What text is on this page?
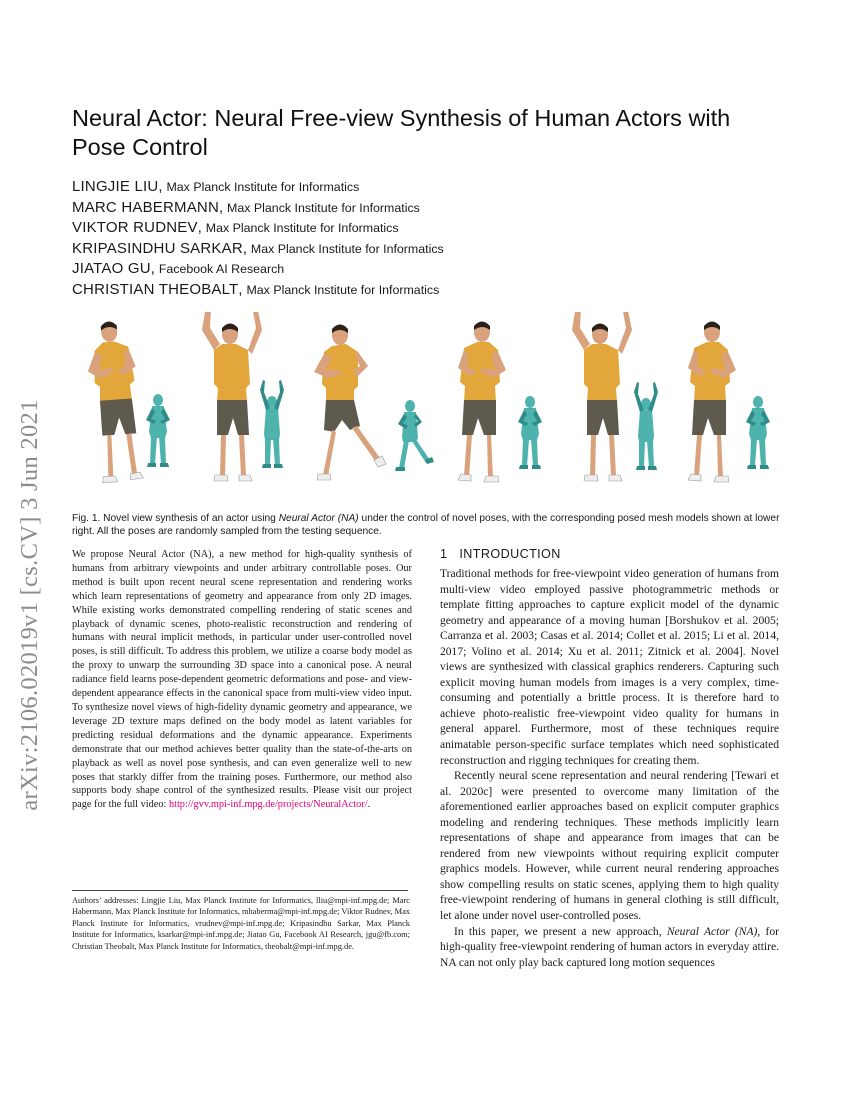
arXiv:2106.02019v1 [cs.CV] 3 Jun 2021
Neural Actor: Neural Free-view Synthesis of Human Actors with Pose Control
LINGJIE LIU, Max Planck Institute for Informatics
MARC HABERMANN, Max Planck Institute for Informatics
VIKTOR RUDNEV, Max Planck Institute for Informatics
KRIPASINDHU SARKAR, Max Planck Institute for Informatics
JIATAO GU, Facebook AI Research
CHRISTIAN THEOBALT, Max Planck Institute for Informatics
Fig. 1. Novel view synthesis of an actor using Neural Actor (NA) under the control of novel poses, with the corresponding posed mesh models shown at lower right. All the poses are randomly sampled from the testing sequence.
We propose Neural Actor (NA), a new method for high-quality synthesis of humans from arbitrary viewpoints and under arbitrary controllable poses. Our method is built upon recent neural scene representation and rendering works which learn representations of geometry and appearance from only 2D images. While existing works demonstrated compelling rendering of static scenes and playback of dynamic scenes, photo-realistic reconstruction and rendering of humans with neural implicit methods, in particular under user-controlled novel poses, is still difficult. To address this problem, we utilize a coarse body model as the proxy to unwarp the surrounding 3D space into a canonical pose. A neural radiance field learns pose-dependent geometric deformations and pose- and view-dependent appearance effects in the canonical space from multi-view video input. To synthesize novel views of high-fidelity dynamic geometry and appearance, we leverage 2D texture maps defined on the body model as latent variables for predicting residual deformations and the dynamic appearance. Experiments demonstrate that our method achieves better quality than the state-of-the-arts on playback as well as novel pose synthesis, and can even generalize well to new poses that starkly differ from the training poses. Furthermore, our method also supports body shape control of the synthesized results. Please visit our project page for the full video: http://gvv.mpi-inf.mpg.de/projects/NeuralActor/.
Authors’ addresses: Lingjie Liu, Max Planck Institute for Informatics, lliu@mpi-inf.mpg.de; Marc Habermann, Max Planck Institute for Informatics, mhaberma@mpi-inf.mpg.de; Viktor Rudnev, Max Planck Institute for Informatics, vrudnev@mpi-inf.mpg.de; Kripasindhu Sarkar, Max Planck Institute for Informatics, ksarkar@mpi-inf.mpg.de; Jiatao Gu, Facebook AI Research, jgu@fb.com; Christian Theobalt, Max Planck Institute for Informatics, theobalt@mpi-inf.mpg.de.
1 INTRODUCTION

Traditional methods for free-viewpoint video generation of humans from multi-view video employed passive photogrammetric methods or template fitting approaches to capture explicit model of the dynamic geometry and appearance of a moving human [Borshukov et al. 2005; Carranza et al. 2003; Casas et al. 2014; Collet et al. 2015; Li et al. 2014, 2017; Volino et al. 2014; Xu et al. 2011; Zitnick et al. 2004]. Novel views are synthesized with classical graphics renderers. Capturing such explicit moving human models from images is a very complex, time-consuming and potentially a brittle process. It is therefore hard to achieve photo-realistic free-viewpoint video quality for humans in general apparel. Furthermore, most of these techniques require animatable person-specific surface templates which need sophisticated reconstruction and rigging techniques for creating them.

Recently neural scene representation and neural rendering [Tewari et al. 2020c] were presented to overcome many limitation of the aforementioned earlier approaches based on explicit computer graphics modeling and rendering techniques. These methods implicitly learn representations of shape and appearance from images that can be rendered from new viewpoints without requiring explicit computer graphics models. However, while current neural rendering approaches show compelling results on static scenes, applying them to high quality free-viewpoint rendering of humans in general clothing is still difficult, let alone under novel user-controlled poses.

In this paper, we present a new approach, Neural Actor (NA), for high-quality free-viewpoint rendering of human actors in everyday attire. NA can not only play back captured long motion sequences
